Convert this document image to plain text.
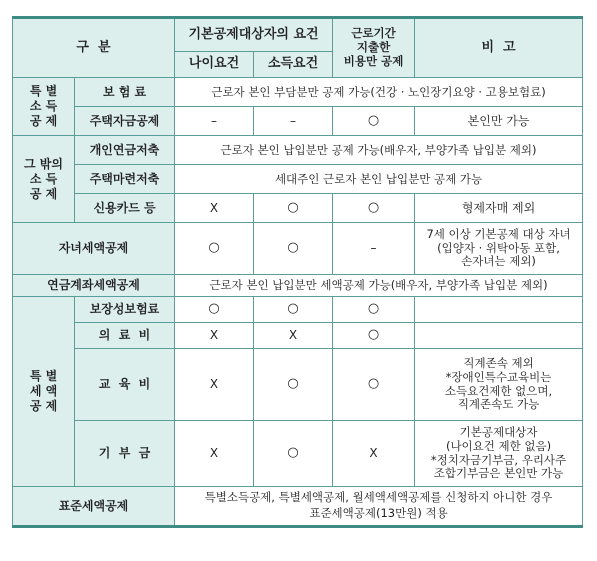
구  분		기본공제대상자의 요건		근로기간
지출한
비용만 공제	비  고
		나이요건	소득요건		
특 별
소 득
공 제	보 험 료	근로자 본인 부담분만 공제 가능(건강 · 노인장기요양 · 고용보험료)			
	주택자금공제	–	–	○	본인만 가능
그 밖의
소 득
공 제	개인연금저축	근로자 본인 납입분만 공제 가능(배우자, 부양가족 납입분 제외)			
	주택마련저축	세대주인 근로자 본인 납입분만 공제 가능			
	신용카드 등	X	○	○	형제자매 제외
자녀세액공제		○	○	–	7세 이상 기본공제 대상 자녀
(입양자 · 위탁아동 포함,
손자녀는 제외)
연금계좌세액공제		근로자 본인 납입분만 세액공제 가능(배우자, 부양가족 납입분 제외)			
특 별
세 액
공 제	보장성보험료	○	○	○	
	의  료  비	X	X	○	
	교  육  비	X	○	○	직계존속 제외
*장애인특수교육비는
소득요건제한 없으며,
직계존속도 가능
	기  부  금	X	○	X	기본공제대상자
(나이요건 제한 없음)
*정치자금기부금, 우리사주
조합기부금은 본인만 가능
표준세액공제		특별소득공제, 특별세액공제, 월세액세액공제를 신청하지 아니한 경우
표준세액공제(13만원) 적용			
